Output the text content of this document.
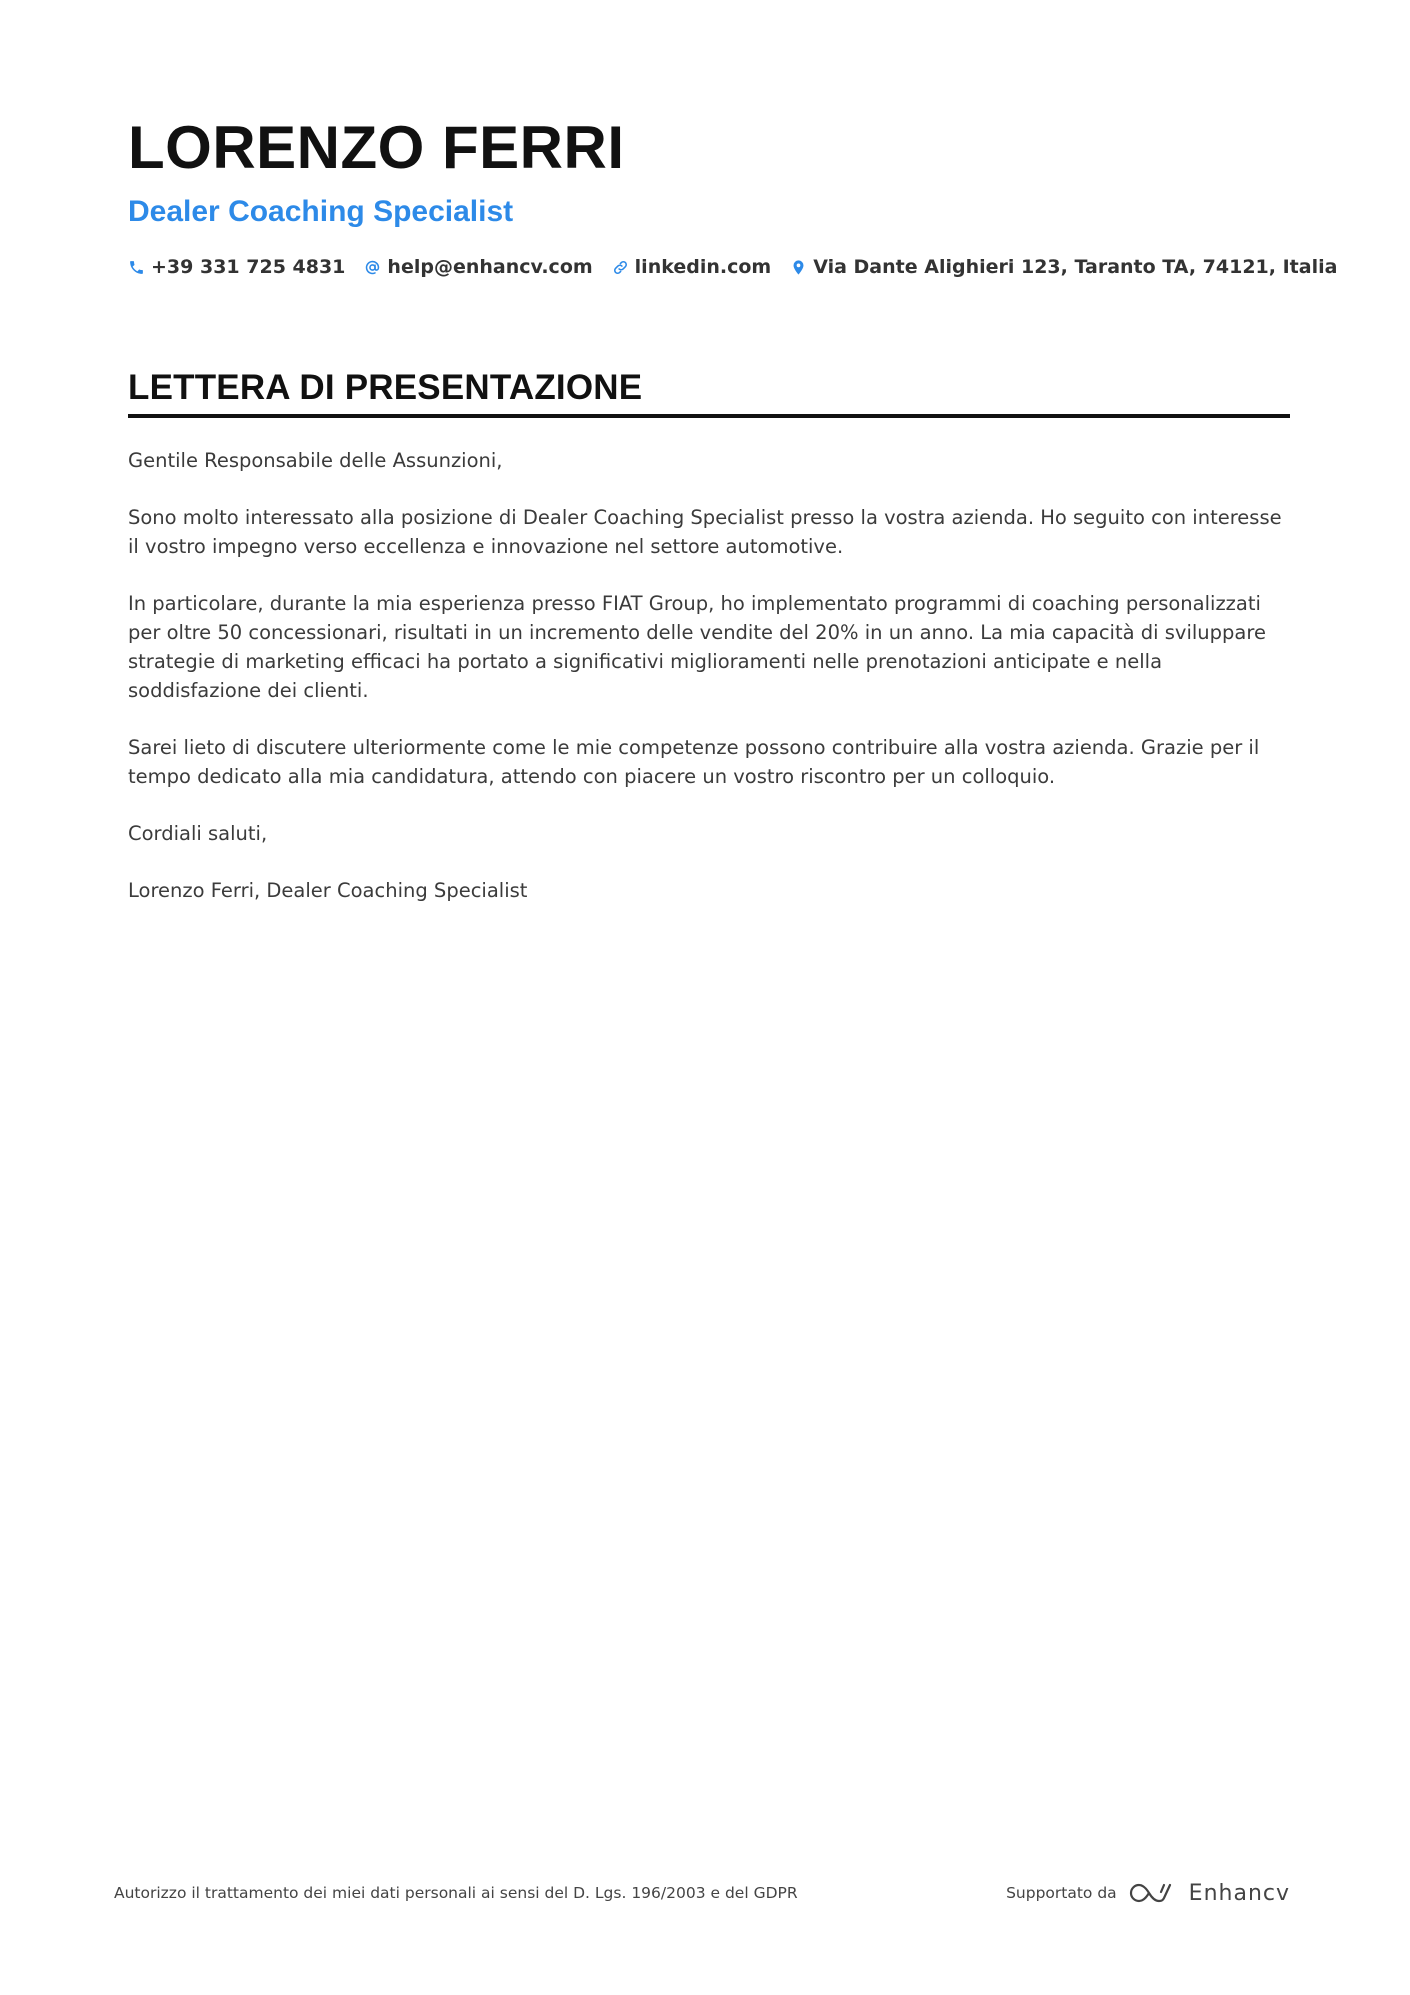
LORENZO FERRI
Dealer Coaching Specialist
+39 331 725 4831 help@enhancv.com linkedin.com Via Dante Alighieri 123, Taranto TA, 74121, Italia
LETTERA DI PRESENTAZIONE

Gentile Responsabile delle Assunzioni,

Sono molto interessato alla posizione di Dealer Coaching Specialist presso la vostra azienda. Ho seguito con interesse il vostro impegno verso eccellenza e innovazione nel settore automotive.

In particolare, durante la mia esperienza presso FIAT Group, ho implementato programmi di coaching personalizzati per oltre 50 concessionari, risultati in un incremento delle vendite del 20% in un anno. La mia capacità di sviluppare strategie di marketing efficaci ha portato a significativi miglioramenti nelle prenotazioni anticipate e nella soddisfazione dei clienti.

Sarei lieto di discutere ulteriormente come le mie competenze possono contribuire alla vostra azienda. Grazie per il tempo dedicato alla mia candidatura, attendo con piacere un vostro riscontro per un colloquio.

Cordiali saluti,

Lorenzo Ferri, Dealer Coaching Specialist

Autorizzo il trattamento dei miei dati personali ai sensi del D. Lgs. 196/2003 e del GDPR	Supportato da	Enhancv
